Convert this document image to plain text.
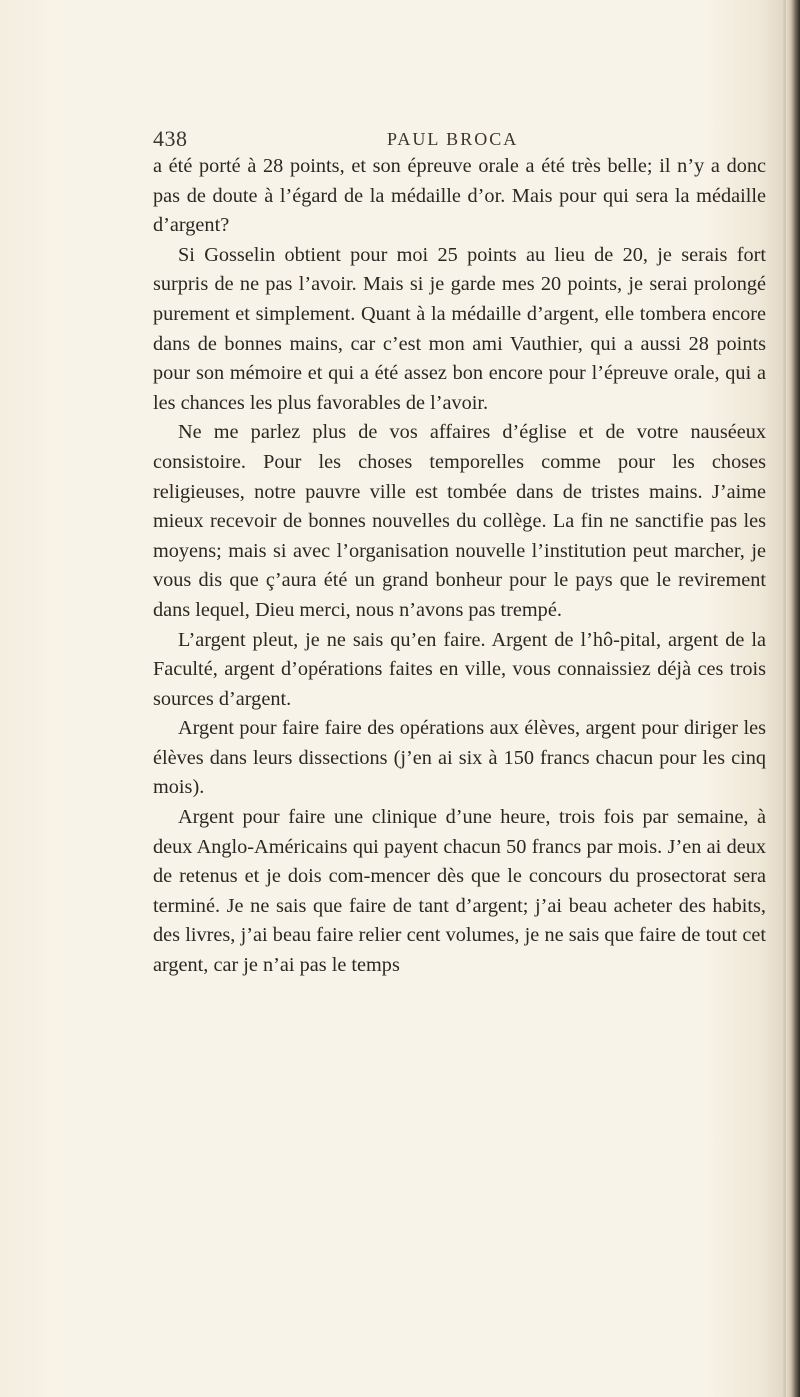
438	PAUL BROCA

a été porté à 28 points, et son épreuve orale a été très belle; il n’y a donc pas de doute à l’égard de la médaille d’or. Mais pour qui sera la médaille d’argent?

Si Gosselin obtient pour moi 25 points au lieu de 20, je serais fort surpris de ne pas l’avoir. Mais si je garde mes 20 points, je serai prolongé purement et simplement. Quant à la médaille d’argent, elle tombera encore dans de bonnes mains, car c’est mon ami Vauthier, qui a aussi 28 points pour son mémoire et qui a été assez bon encore pour l’épreuve orale, qui a les chances les plus favorables de l’avoir.

Ne me parlez plus de vos affaires d’église et de votre nauséeux consistoire. Pour les choses temporelles comme pour les choses religieuses, notre pauvre ville est tombée dans de tristes mains. J’aime mieux recevoir de bonnes nouvelles du collège. La fin ne sanctifie pas les moyens; mais si avec l’organisation nouvelle l’institution peut marcher, je vous dis que ç’aura été un grand bonheur pour le pays que le revirement dans lequel, Dieu merci, nous n’avons pas trempé.

L’argent pleut, je ne sais qu’en faire. Argent de l’hô-pital, argent de la Faculté, argent d’opérations faites en ville, vous connaissiez déjà ces trois sources d’argent.

Argent pour faire faire des opérations aux élèves, argent pour diriger les élèves dans leurs dissections (j’en ai six à 150 francs chacun pour les cinq mois).

Argent pour faire une clinique d’une heure, trois fois par semaine, à deux Anglo-Américains qui payent chacun 50 francs par mois. J’en ai deux de retenus et je dois com-mencer dès que le concours du prosectorat sera terminé. Je ne sais que faire de tant d’argent; j’ai beau acheter des habits, des livres, j’ai beau faire relier cent volumes, je ne sais que faire de tout cet argent, car je n’ai pas le temps
